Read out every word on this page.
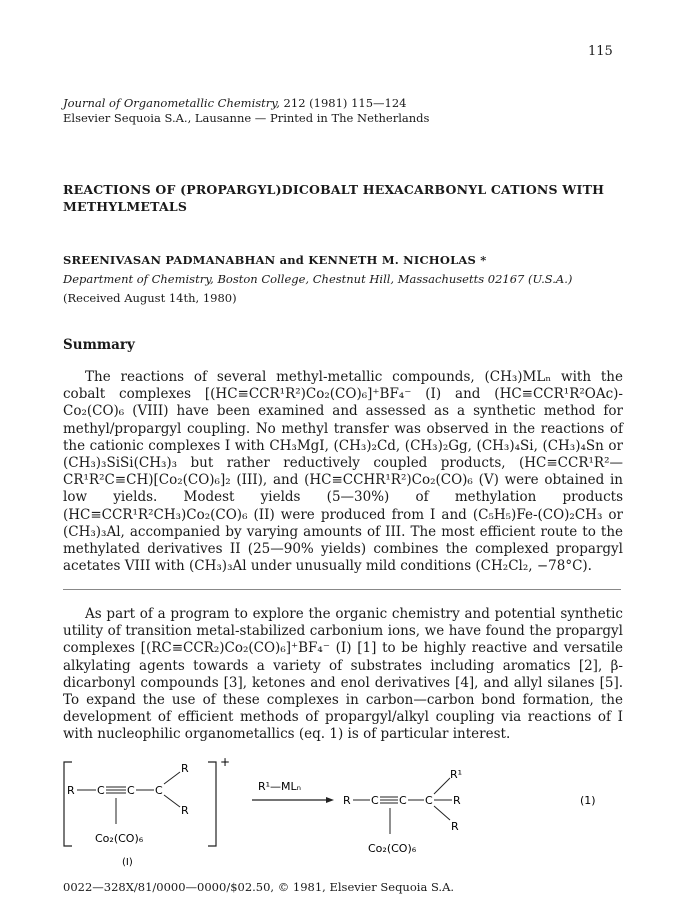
115
Journal of Organometallic Chemistry, 212 (1981) 115—124
Elsevier Sequoia S.A., Lausanne — Printed in The Netherlands
REACTIONS OF (PROPARGYL)DICOBALT HEXACARBONYL CATIONS WITH METHYLMETALS
SREENIVASAN PADMANABHAN and KENNETH M. NICHOLAS *
Department of Chemistry, Boston College, Chestnut Hill, Massachusetts 02167 (U.S.A.)
(Received August 14th, 1980)
Summary

The reactions of several methyl-metallic compounds, (CH₃)MLₙ with the cobalt complexes [(HC≡CCR¹R²)Co₂(CO)₆]⁺BF₄⁻ (I) and (HC≡CCR¹R²OAc)-Co₂(CO)₆ (VIII) have been examined and assessed as a synthetic method for methyl/propargyl coupling. No methyl transfer was observed in the reactions of the cationic complexes I with CH₃MgI, (CH₃)₂Cd, (CH₃)₂Gg, (CH₃)₄Si, (CH₃)₄Sn or (CH₃)₃SiSi(CH₃)₃ but rather reductively coupled products, (HC≡CCR¹R²—CR¹R²C≡CH)[Co₂(CO)₆]₂ (III), and (HC≡CCHR¹R²)Co₂(CO)₆ (V) were obtained in low yields. Modest yields (5—30%) of methylation products (HC≡CCR¹R²CH₃)Co₂(CO)₆ (II) were produced from I and (C₅H₅)Fe-(CO)₂CH₃ or (CH₃)₃Al, accompanied by varying amounts of III. The most efficient route to the methylated derivatives II (25—90% yields) combines the complexed propargyl acetates VIII with (CH₃)₃Al under unusually mild conditions (CH₂Cl₂, −78°C).

As part of a program to explore the organic chemistry and potential synthetic utility of transition metal-stabilized carbonium ions, we have found the propargyl complexes [(RC≡CCR₂)Co₂(CO)₆]⁺BF₄⁻ (I) [1] to be highly reactive and versatile alkylating agents towards a variety of substrates including aromatics [2], β-dicarbonyl compounds [3], ketones and enol derivatives [4], and allyl silanes [5]. To expand the use of these complexes in carbon—carbon bond formation, the development of efficient methods of propargyl/alkyl coupling via reactions of I with nucleophilic organometallics (eq. 1) is of particular interest.

+
R C C C
R
R
Co₂(CO)₆
(I)
R¹—MLₙ
R C C C
R¹
R
R
Co₂(CO)₆
(1)
0022—328X/81/0000—0000/$02.50, © 1981, Elsevier Sequoia S.A.
